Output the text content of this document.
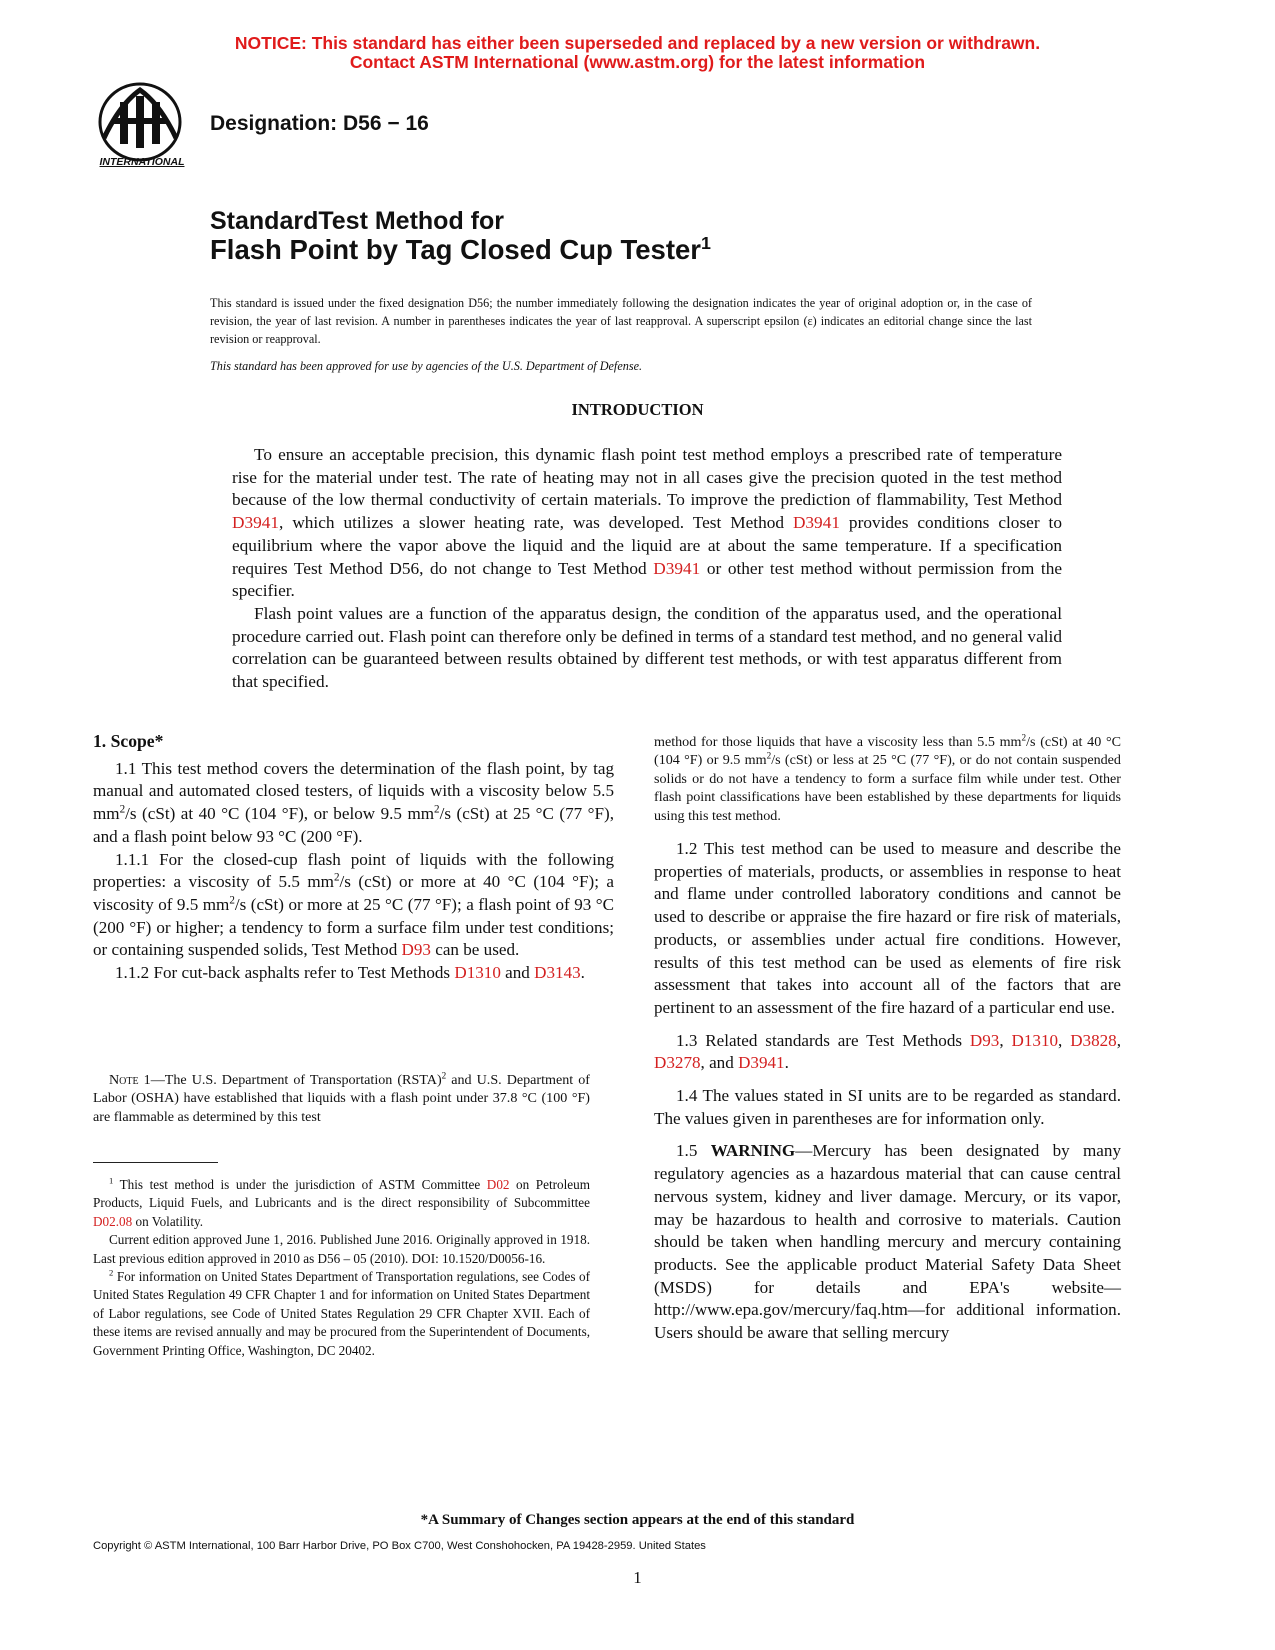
NOTICE: This standard has either been superseded and replaced by a new version or withdrawn.
Contact ASTM International (www.astm.org) for the latest information
INTERNATIONAL
Designation: D56 − 16
StandardTest Method for
Flash Point by Tag Closed Cup Tester$^1$
This standard is issued under the fixed designation D56; the number immediately following the designation indicates the year of original adoption or, in the case of revision, the year of last revision. A number in parentheses indicates the year of last reapproval. A superscript epsilon (ε) indicates an editorial change since the last revision or reapproval.
This standard has been approved for use by agencies of the U.S. Department of Defense.
INTRODUCTION

To ensure an acceptable precision, this dynamic flash point test method employs a prescribed rate of temperature rise for the material under test. The rate of heating may not in all cases give the precision quoted in the test method because of the low thermal conductivity of certain materials. To improve the prediction of flammability, Test Method D3941, which utilizes a slower heating rate, was developed. Test Method D3941 provides conditions closer to equilibrium where the vapor above the liquid and the liquid are at about the same temperature. If a specification requires Test Method D56, do not change to Test Method D3941 or other test method without permission from the specifier.

Flash point values are a function of the apparatus design, the condition of the apparatus used, and the operational procedure carried out. Flash point can therefore only be defined in terms of a standard test method, and no general valid correlation can be guaranteed between results obtained by different test methods, or with test apparatus different from that specified.

1. Scope*

1.1 This test method covers the determination of the flash point, by tag manual and automated closed testers, of liquids with a viscosity below 5.5 $mm^2/s$ (cSt) at 40 °C (104 °F), or below 9.5 $mm^2/s$ (cSt) at 25 °C (77 °F), and a flash point below 93 °C (200 °F).

1.1.1 For the closed-cup flash point of liquids with the following properties: a viscosity of 5.5 $mm^2/s$ (cSt) or more at 40 °C (104 °F); a viscosity of 9.5 $mm^2/s$ (cSt) or more at 25 °C (77 °F); a flash point of 93 °C (200 °F) or higher; a tendency to form a surface film under test conditions; or containing suspended solids, Test Method D93 can be used.

1.1.2 For cut-back asphalts refer to Test Methods D1310 and D3143.

Note 1—The U.S. Department of Transportation (RSTA)$^2$ and U.S. Department of Labor (OSHA) have established that liquids with a flash point under 37.8 °C (100 °F) are flammable as determined by this test

$^1$ This test method is under the jurisdiction of ASTM Committee D02 on Petroleum Products, Liquid Fuels, and Lubricants and is the direct responsibility of Subcommittee D02.08 on Volatility.

Current edition approved June 1, 2016. Published June 2016. Originally approved in 1918. Last previous edition approved in 2010 as D56 – 05 (2010). DOI: 10.1520/D0056-16.

$^2$ For information on United States Department of Transportation regulations, see Codes of United States Regulation 49 CFR Chapter 1 and for information on United States Department of Labor regulations, see Code of United States Regulation 29 CFR Chapter XVII. Each of these items are revised annually and may be procured from the Superintendent of Documents, Government Printing Office, Washington, DC 20402.

method for those liquids that have a viscosity less than 5.5 $mm^2/s$ (cSt) at 40 °C (104 °F) or 9.5 $mm^2/s$ (cSt) or less at 25 °C (77 °F), or do not contain suspended solids or do not have a tendency to form a surface film while under test. Other flash point classifications have been established by these departments for liquids using this test method.

1.2 This test method can be used to measure and describe the properties of materials, products, or assemblies in response to heat and flame under controlled laboratory conditions and cannot be used to describe or appraise the fire hazard or fire risk of materials, products, or assemblies under actual fire conditions. However, results of this test method can be used as elements of fire risk assessment that takes into account all of the factors that are pertinent to an assessment of the fire hazard of a particular end use.

1.3 Related standards are Test Methods D93, D1310, D3828, D3278, and D3941.

1.4 The values stated in SI units are to be regarded as standard. The values given in parentheses are for information only.

1.5 WARNING—Mercury has been designated by many regulatory agencies as a hazardous material that can cause central nervous system, kidney and liver damage. Mercury, or its vapor, may be hazardous to health and corrosive to materials. Caution should be taken when handling mercury and mercury containing products. See the applicable product Material Safety Data Sheet (MSDS) for details and EPA's website—http://www.epa.gov/mercury/faq.htm—for additional information. Users should be aware that selling mercury

*A Summary of Changes section appears at the end of this standard
Copyright © ASTM International, 100 Barr Harbor Drive, PO Box C700, West Conshohocken, PA 19428-2959. United States
1
